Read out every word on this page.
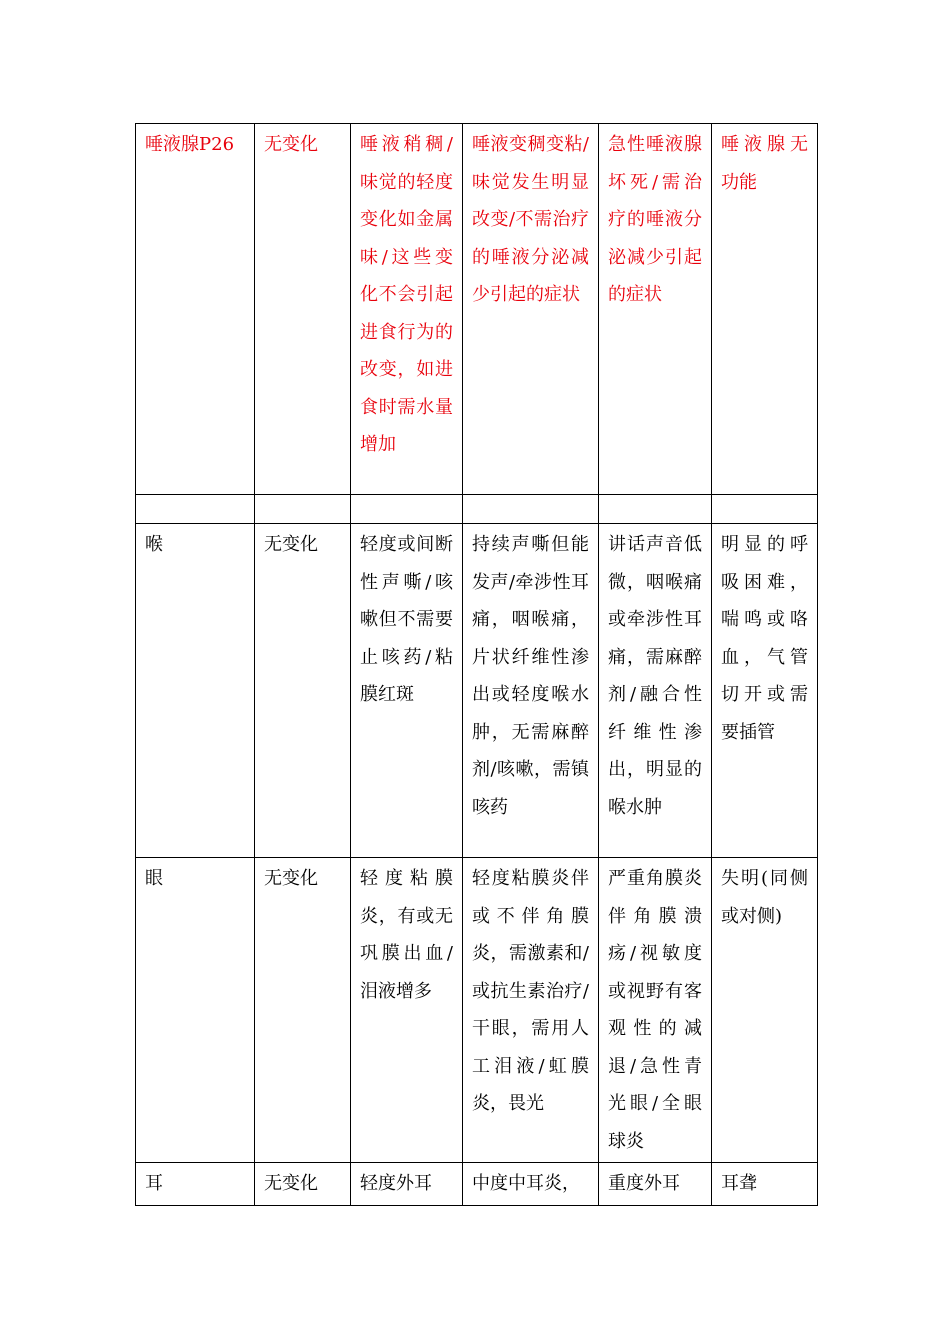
唾液腺P26	无变化	唾液稍稠/味觉的轻度变化如金属味/这些变化不会引起进食行为的改变，如进食时需水量增加	唾液变稠变粘/味觉发生明显改变/不需治疗的唾液分泌减少引起的症状	急性唾液腺坏死/需治疗的唾液分泌减少引起的症状	唾液腺无功能

喉	无变化	轻度或间断性声嘶/咳嗽但不需要止咳药/粘膜红斑	持续声嘶但能发声/牵涉性耳痛，咽喉痛，片状纤维性渗出或轻度喉水肿，无需麻醉剂/咳嗽，需镇咳药	讲话声音低微，咽喉痛或牵涉性耳痛，需麻醉剂/融合性纤维性渗出，明显的喉水肿	明显的呼吸困难，喘鸣或咯血，气管切开或需要插管
眼	无变化	轻度粘膜炎，有或无巩膜出血/泪液增多	轻度粘膜炎伴或不伴角膜炎，需激素和/或抗生素治疗/干眼，需用人工泪液/虹膜炎，畏光	严重角膜炎伴角膜溃疡/视敏度或视野有客观性的减退/急性青光眼/全眼球炎	失明(同侧或对侧)
耳	无变化	轻度外耳	中度中耳炎，	重度外耳	耳聋
